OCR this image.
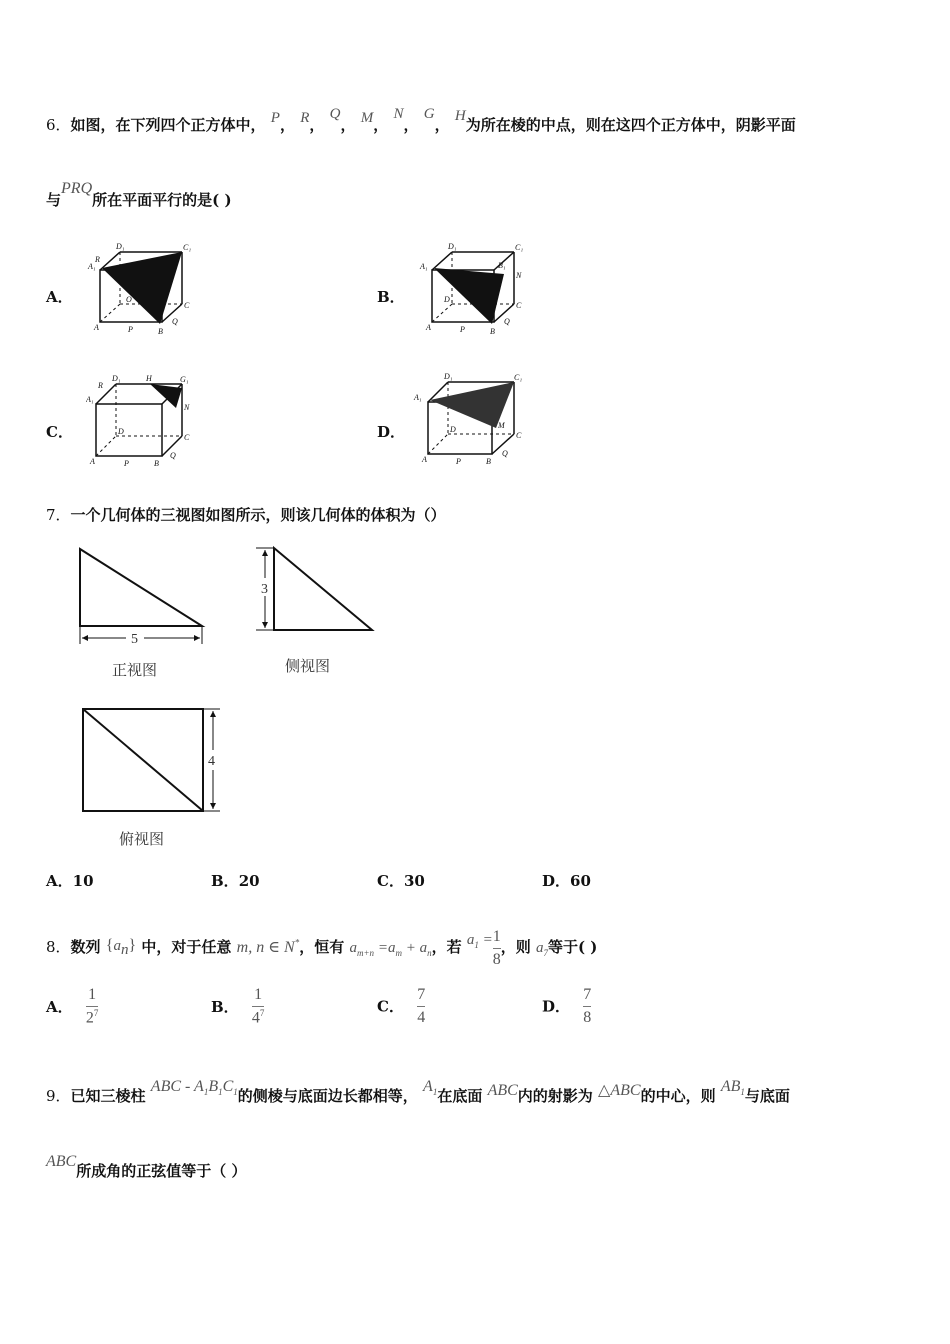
6．如图，在下列四个正方体中， P， R， Q， M， N， G， H为所在棱的中点，则在这四个正方体中，阴影平面
与PRQ所在平面平行的是( )
A．	B．
C．	D．
D₁	C₁
A₁
R
O
C
A	P	B
Q
D₁	C₁
A₁	B₁
N
D
C
A	P	B
Q
D₁	H	G₁
R
A₁
N
D
C
A	P	B
Q
D₁	C₁
A₁
M
D
C
A	P	B
Q
7．一个几何体的三视图如图所示，则该几何体的体积为（）
5
正视图
3
侧视图
4
俯视图
A．10	B．20	C．30	D．60
8．数列 $\{a_n\}$ 中，对于任意 m, n ∈ N*，恒有 $a_{m+n} =a_m + a_n$，若 $a_1 = \frac{1}{8}$ ，则 $a_7$等于( )
A． $\frac{1}{2^7}$	B． $\frac{1}{4^7}$	C． $\frac{7}{4}$	D． $\frac{7}{8}$
9．已知三棱柱 ABC - $A_1B_1C_1$的侧棱与底面边长都相等， $A_1$在底面 ABC内的射影为 △ABC的中心，则 $AB_1$与底面
ABC所成角的正弦值等于（ ）
